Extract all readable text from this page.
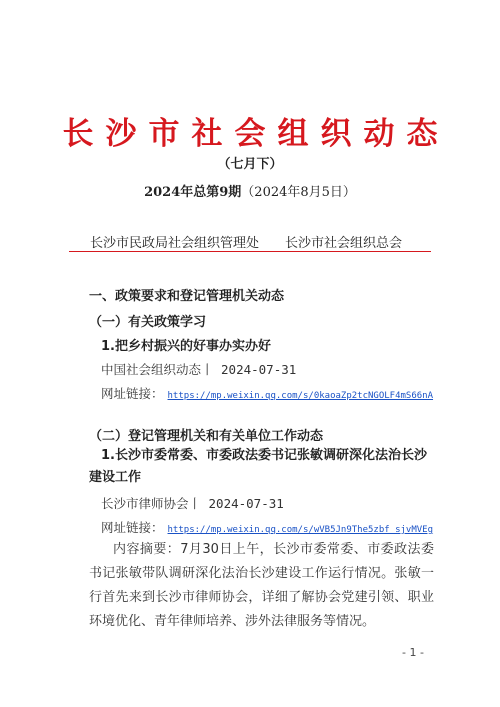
长沙市社会组织动态
（七月下）
2024年总第9期（2024年8月5日）
长沙市民政局社会组织管理处 长沙市社会组织总会
一、政策要求和登记管理机关动态
（一）有关政策学习
1.把乡村振兴的好事办实办好
中国社会组织动态丨 2024-07-31
网址链接： https://mp.weixin.qq.com/s/0kaoaZp2tcNGOLF4mS66nA
（二）登记管理机关和有关单位工作动态
1.长沙市委常委、市委政法委书记张敏调研深化法治长沙建设工作
长沙市律师协会丨 2024-07-31
网址链接： https://mp.weixin.qq.com/s/wVB5Jn9The5zbf_sjvMVEg
内容摘要：7月30日上午，长沙市委常委、市委政法委书记张敏带队调研深化法治长沙建设工作运行情况。张敏一行首先来到长沙市律师协会，详细了解协会党建引领、职业环境优化、青年律师培养、涉外法律服务等情况。
- 1 -
